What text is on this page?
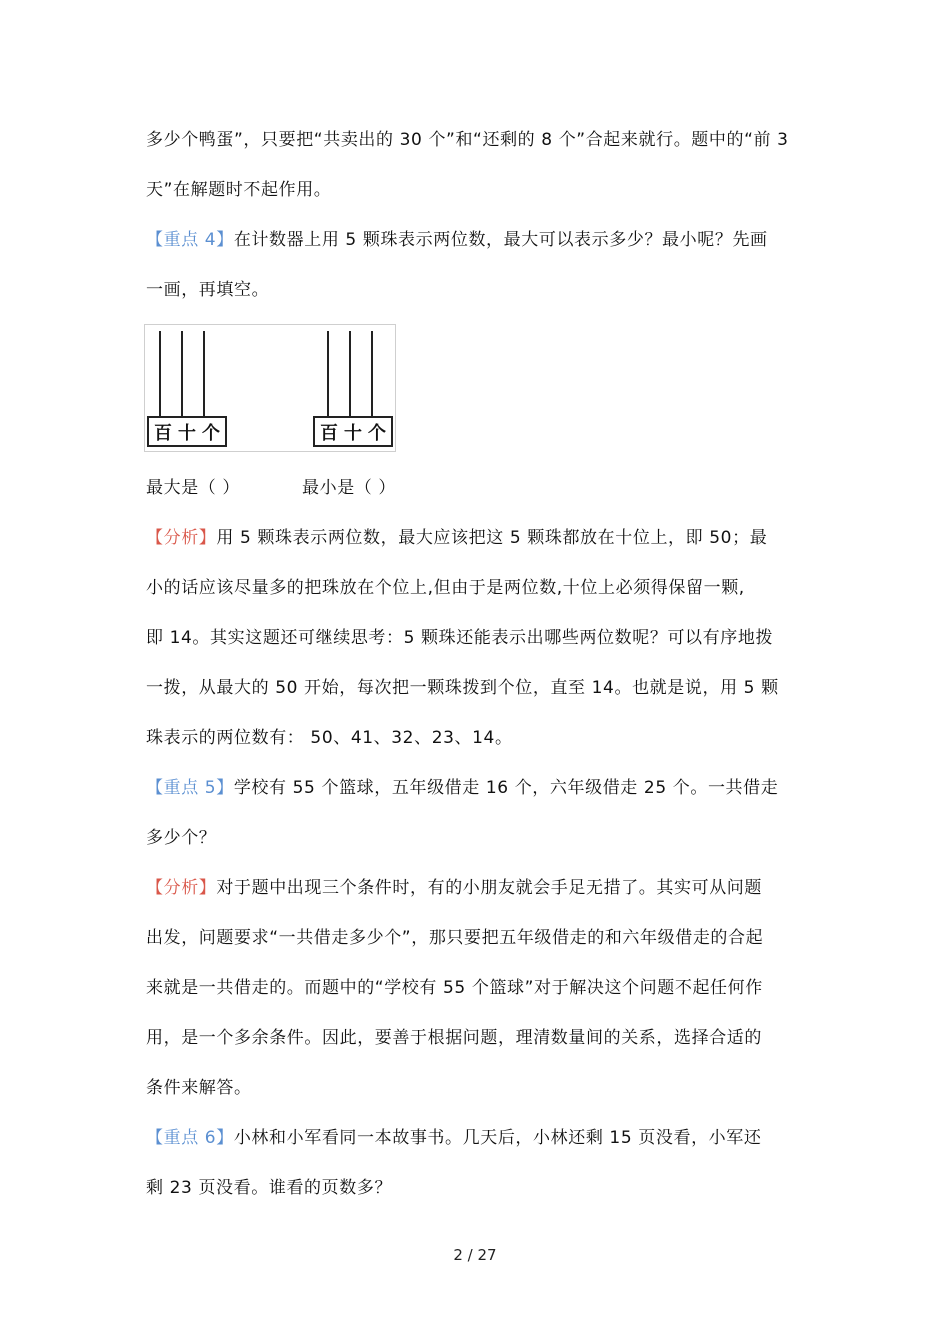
多少个鸭蛋”，只要把“共卖出的 30 个”和“还剩的 8 个”合起来就行。题中的“前 3
天”在解题时不起作用。
【重点 4】在计数器上用 5 颗珠表示两位数，最大可以表示多少？最小呢？先画
一画，再填空。
百 十 个	百 十 个
最大是（ ）	最小是（ ）
【分析】用 5 颗珠表示两位数，最大应该把这 5 颗珠都放在十位上，即 50；最
小的话应该尽量多的把珠放在个位上,但由于是两位数,十位上必须得保留一颗,
即 14。其实这题还可继续思考：5 颗珠还能表示出哪些两位数呢？可以有序地拨
一拨，从最大的 50 开始，每次把一颗珠拨到个位，直至 14。也就是说，用 5 颗
珠表示的两位数有： 50、41、32、23、14。
【重点 5】学校有 55 个篮球，五年级借走 16 个，六年级借走 25 个。一共借走
多少个？
【分析】对于题中出现三个条件时，有的小朋友就会手足无措了。其实可从问题
出发，问题要求“一共借走多少个”，那只要把五年级借走的和六年级借走的合起
来就是一共借走的。而题中的“学校有 55 个篮球”对于解决这个问题不起任何作
用，是一个多余条件。因此，要善于根据问题，理清数量间的关系，选择合适的
条件来解答。
【重点 6】小林和小军看同一本故事书。几天后，小林还剩 15 页没看，小军还
剩 23 页没看。谁看的页数多？
2 / 27
